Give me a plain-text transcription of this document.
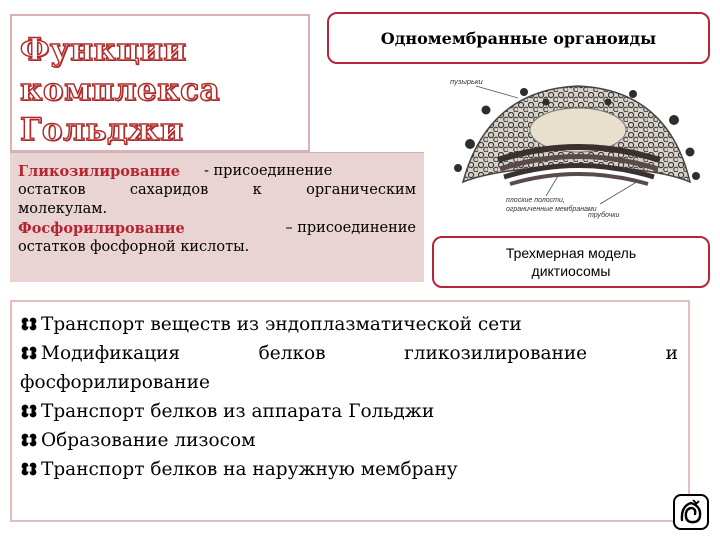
Функции
комплекса
Гольджи
Одномембранные органоиды
Гликозилирование	- присоединение
остатков	сахаридов	к	органическим
молекулам.
Фосфорилирование	– присоединение
остатков фосфорной кислоты.
пузырьки
плоские полости,
ограниченные мембранами
трубочки
Трехмерная модель
диктиосомы
Транспорт веществ из эндоплазматической сети
Модификация	белков	гликозилирование	и
фосфорилирование
Транспорт белков из аппарата Гольджи
Образование лизосом
Транспорт белков на наружную мембрану
